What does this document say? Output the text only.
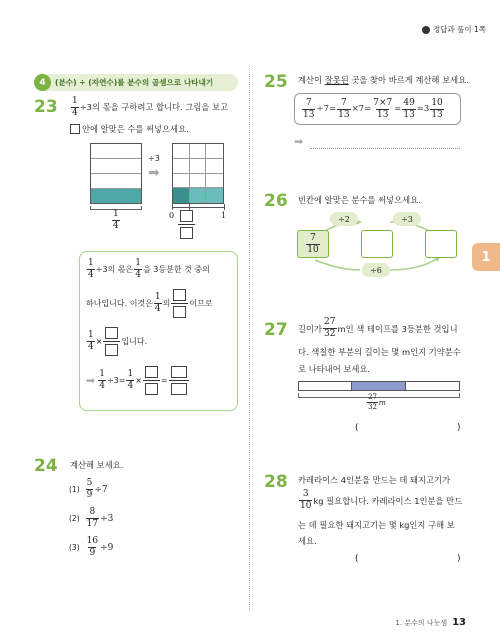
정답과 풀이 1쪽
1
4	(분수) ÷ (자연수)를 분수의 곱셈으로 나타내기
$23 \frac{1}{4} \div 3$의 몫을 구하려고 합니다. 그림을 보고
안에 알맞은 수를 써넣으세요.
$\frac{1}{4}$
÷3
➡
0	1
$\frac{1}{4} \div 3$의 몫은 $\frac{1}{4}$ 을 3등분한 것 중의
하나입니다. 이것은 $\frac{1}{4}$ 의 이므로
$\frac{1}{4}$ × 입니다.
➡ $\frac{1}{4} \div 3= \frac{1}{4}$ × =
24 계산해 보세요.
$(1) \frac{5}{9} \div 7$
$(2) \frac{8}{17} \div 3$
$(3) \frac{16}{9} \div 9$
25 계산이 잘못된 곳을 찾아 바르게 계산해 보세요.
$\frac{7}{13} \div 7= \frac{7}{13} \times 7= \frac{7\times 7}{13} = \frac{49}{13} =3 \frac{10}{13}$
➡
26 빈칸에 알맞은 분수를 써넣으세요.
÷2	÷3
÷6
$\frac{7}{10}$
27 길이가 $\frac{27}{32}$ m인 색 테이프를 3등분한 것입니
다. 색칠한 부분의 길이는 몇 m인지 기약분수
로 나타내어 보세요.
$\frac{27}{32}$ m
(	)
28 카레라이스 4인분을 만드는 데 돼지고기가
$\frac{3}{10}$ kg 필요합니다. 카레라이스 1인분을 만드
는 데 필요한 돼지고기는 몇 kg인지 구해 보
세요.
(	)
1. 분수의 나눗셈 13
